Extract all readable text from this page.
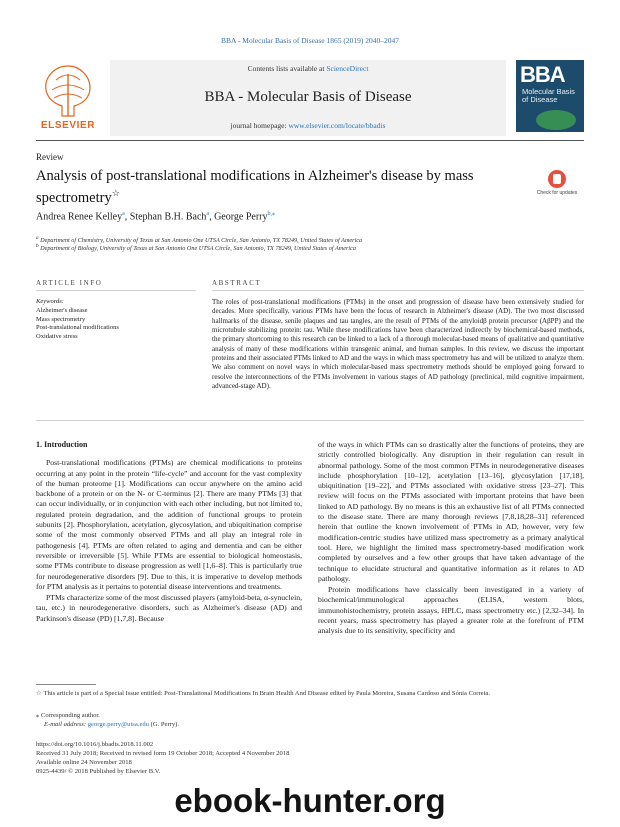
BBA - Molecular Basis of Disease 1865 (2019) 2040–2047
ELSEVIER
Contents lists available at ScienceDirect
BBA - Molecular Basis of Disease
journal homepage: www.elsevier.com/locate/bbadis
BBA
Molecular Basis of Disease
Review
Analysis of post-translational modifications in Alzheimer's disease by mass spectrometry☆	Check for updates
Andrea Renee Kelley$^a$, Stephan B.H. Bach$^a$, George Perry$^{b,⁎}$
$^a$ Department of Chemistry, University of Texas at San Antonio One UTSA Circle, San Antonio, TX 78249, United States of America
$^b$ Department of Biology, University of Texas at San Antonio One UTSA Circle, San Antonio, TX 78249, United States of America
ARTICLE INFO	ABSTRACT
Keywords:
Alzheimer's disease
Mass spectrometry
Post-translational modifications
Oxidative stress
The roles of post-translational modifications (PTMs) in the onset and progression of disease have been extensively studied for decades. More specifically, various PTMs have been the focus of research in Alzheimer's disease (AD). The two most discussed hallmarks of the disease, senile plaques and tau tangles, are the result of PTMs of the amyloidβ protein precursor (AβPP) and the microtubule stabilizing protein: tau. While these modifications have been characterized indirectly by biochemical-based methods, the primary shortcoming to this research can be linked to a lack of a thorough molecular-based means of qualitative and quantitative analysis of many of these modifications within transgenic animal, and human samples. In this review, we discuss the important proteins and their associated PTMs linked to AD and the ways in which mass spectrometry has and will be utilized to analyze them. We also comment on novel ways in which molecular-based mass spectrometry methods should be employed going forward to resolve the interconnections of the PTMs involvement in various stages of AD pathology (preclinical, mild cognitive impairment, advanced-stage AD).
1. Introduction

Post-translational modifications (PTMs) are chemical modifications to proteins occurring at any point in the protein “life-cycle” and account for the vast complexity of the human proteome [1]. Modifications can occur anywhere on the amino acid backbone of a protein or on the N- or C-terminus [2]. There are many PTMs [3] that can occur individually, or in conjunction with each other including, but not limited to, regulated protein degradation, and the addition of functional groups to protein subunits [2]. Phosphorylation, acetylation, glycosylation, and ubiquitination comprise some of the most commonly observed PTMs and all play an integral role in pathogenesis [4]. PTMs are often related to aging and dementia and can be either reversible or irreversible [5]. While PTMs are essential to biological homeostasis, some PTMs contribute to disease progression as well [1,6–8]. This is particularly true for neurodegenerative disorders [9]. Due to this, it is imperative to develop methods for PTM analysis as it pertains to potential disease interventions and treatments.

PTMs characterize some of the most discussed players (amyloid-beta, α-synuclein, tau, etc.) in neurodegenerative disorders, such as Alzheimer's disease (AD) and Parkinson's disease (PD) [1,7,8]. Because

of the ways in which PTMs can so drastically alter the functions of proteins, they are strictly controlled biologically. Any disruption in their regulation can result in abnormal pathology. Some of the most common PTMs in neurodegenerative diseases include phosphorylation [10–12], acetylation [13–16], glycosylation [17,18], ubiquitination [19–22], and PTMs associated with oxidative stress [23–27]. This review will focus on the PTMs associated with important proteins that have been linked to AD pathology. By no means is this an exhaustive list of all PTMs connected to the disease state. There are many thorough reviews [7,8,18,28–31] referenced herein that outline the known involvement of PTMs in AD, however, very few modification-centric studies have utilized mass spectrometry as a primary analytical tool. Here, we highlight the limited mass spectrometry-based modification work completed by ourselves and a few other groups that have taken advantage of the technique to elucidate structural and quantitative information as it relates to AD pathology.

Protein modifications have classically been investigated in a variety of biochemical/immunological approaches (ELISA, western blots, immunohistochemistry, protein assays, HPLC, mass spectrometry etc.) [2,32–34]. In recent years, mass spectrometry has played a greater role at the forefront of PTM analysis due to its sensitivity, specificity and

☆ This article is part of a Special Issue entitled: Post-Translational Modifications In Brain Health And Disease edited by Paula Moreira, Susana Cardoso and Sónia Correia.
⁎ Corresponding author.
E-mail address: george.perry@utsa.edu (G. Perry).
https://doi.org/10.1016/j.bbadis.2018.11.002
Received 31 July 2018; Received in revised form 19 October 2018; Accepted 4 November 2018
Available online 24 November 2018
0925-4439/ © 2018 Published by Elsevier B.V.
ebook-hunter.org
